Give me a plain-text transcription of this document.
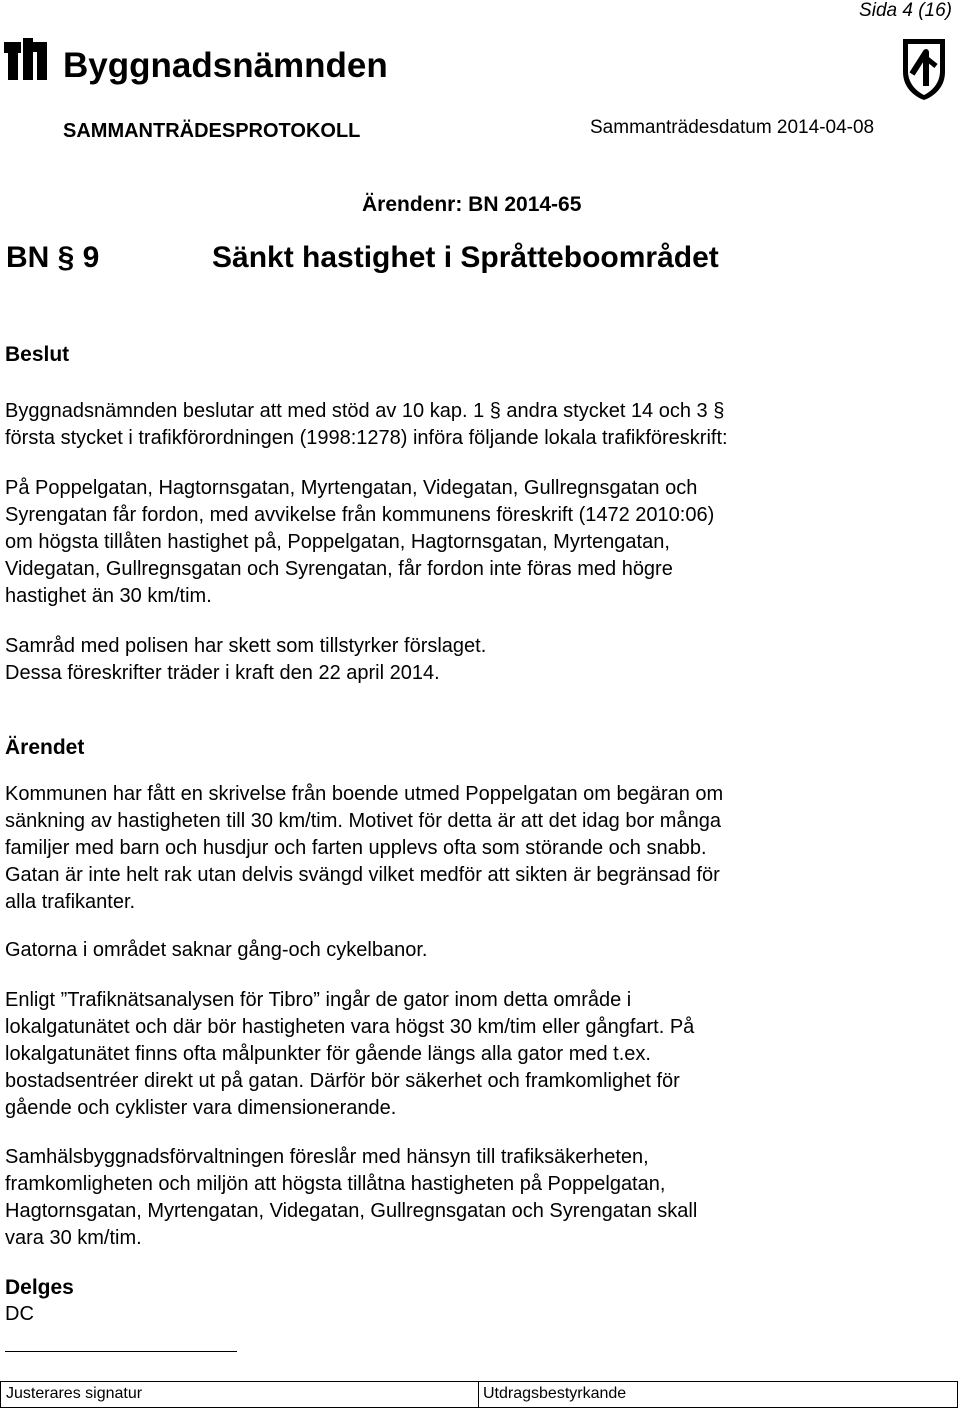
Sida 4 (16)
Byggnadsnämnden
SAMMANTRÄDESPROTOKOLL	Sammanträdesdatum 2014-04-08
Ärendenr: BN 2014-65
BN § 9	Sänkt hastighet i Språtteboområdet
Beslut

Byggnadsnämnden beslutar att med stöd av 10 kap. 1 § andra stycket 14 och 3 §
första stycket i trafikförordningen (1998:1278) införa följande lokala trafikföreskrift:

På Poppelgatan, Hagtornsgatan, Myrtengatan, Videgatan, Gullregnsgatan och
Syrengatan får fordon, med avvikelse från kommunens föreskrift (1472 2010:06)
om högsta tillåten hastighet på, Poppelgatan, Hagtornsgatan, Myrtengatan,
Videgatan, Gullregnsgatan och Syrengatan, får fordon inte föras med högre
hastighet än 30 km/tim.

Samråd med polisen har skett som tillstyrker förslaget.
Dessa föreskrifter träder i kraft den 22 april 2014.

Ärendet

Kommunen har fått en skrivelse från boende utmed Poppelgatan om begäran om
sänkning av hastigheten till 30 km/tim. Motivet för detta är att det idag bor många
familjer med barn och husdjur och farten upplevs ofta som störande och snabb.
Gatan är inte helt rak utan delvis svängd vilket medför att sikten är begränsad för
alla trafikanter.

Gatorna i området saknar gång-och cykelbanor.

Enligt ”Trafiknätsanalysen för Tibro” ingår de gator inom detta område i
lokalgatunätet och där bör hastigheten vara högst 30 km/tim eller gångfart. På
lokalgatunätet finns ofta målpunkter för gående längs alla gator med t.ex.
bostadsentréer direkt ut på gatan. Därför bör säkerhet och framkomlighet för
gående och cyklister vara dimensionerande.

Samhälsbyggnadsförvaltningen föreslår med hänsyn till trafiksäkerheten,
framkomligheten och miljön att högsta tillåtna hastigheten på Poppelgatan,
Hagtornsgatan, Myrtengatan, Videgatan, Gullregnsgatan och Syrengatan skall
vara 30 km/tim.

Delges
DC
Justerares signatur	Utdragsbestyrkande
